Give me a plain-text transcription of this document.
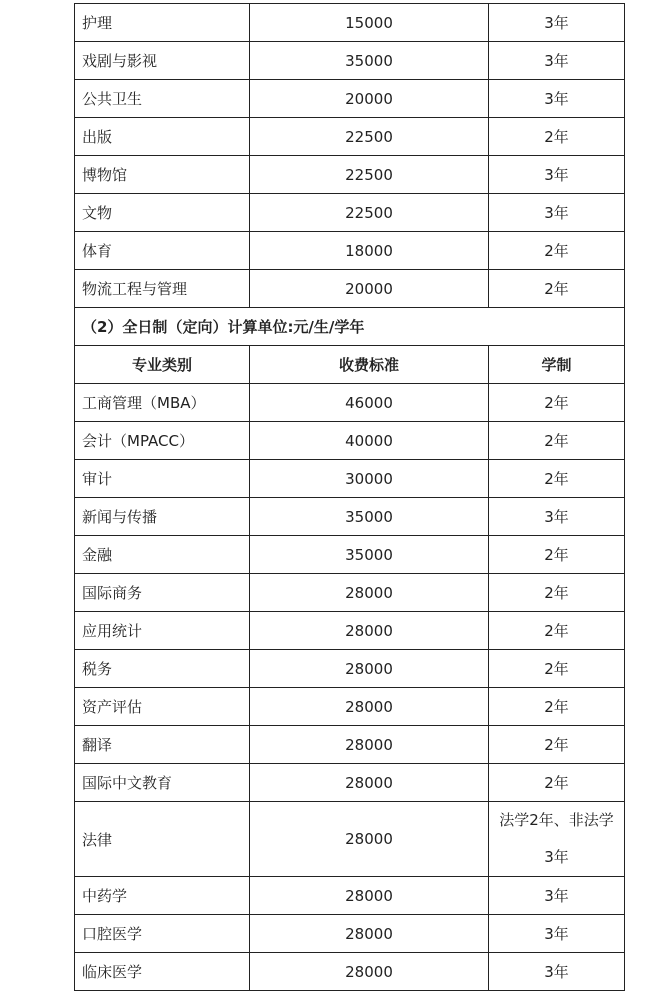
护理	15000	3年
戏剧与影视	35000	3年
公共卫生	20000	3年
出版	22500	2年
博物馆	22500	3年
文物	22500	3年
体育	18000	2年
物流工程与管理	20000	2年
（2）全日制（定向）计算单位:元/生/学年		
专业类别	收费标准	学制
工商管理（MBA）	46000	2年
会计（MPACC）	40000	2年
审计	30000	2年
新闻与传播	35000	3年
金融	35000	2年
国际商务	28000	2年
应用统计	28000	2年
税务	28000	2年
资产评估	28000	2年
翻译	28000	2年
国际中文教育	28000	2年
法律	28000	法学2年、非法学3年
中药学	28000	3年
口腔医学	28000	3年
临床医学	28000	3年
